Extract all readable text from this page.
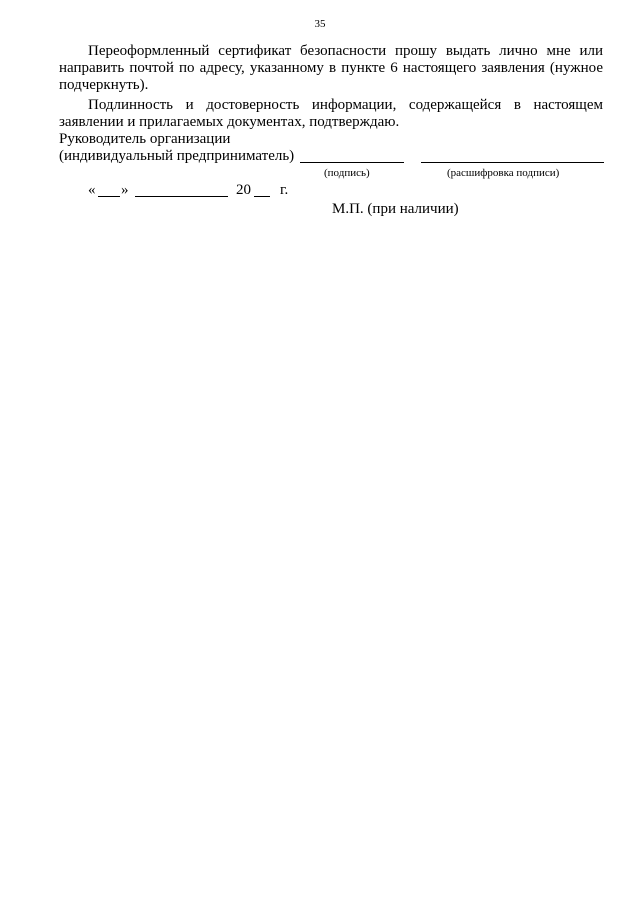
35
Переоформленный сертификат безопасности прошу выдать лично мне или
направить почтой по адресу, указанному в пункте 6 настоящего заявления (нужное
подчеркнуть).
Подлинность и достоверность информации, содержащейся в настоящем
заявлении и прилагаемых документах, подтверждаю.
Руководитель организации
(индивидуальный предприниматель)
(подпись)	(расшифровка подписи)
« »	20 г.
М.П. (при наличии)
